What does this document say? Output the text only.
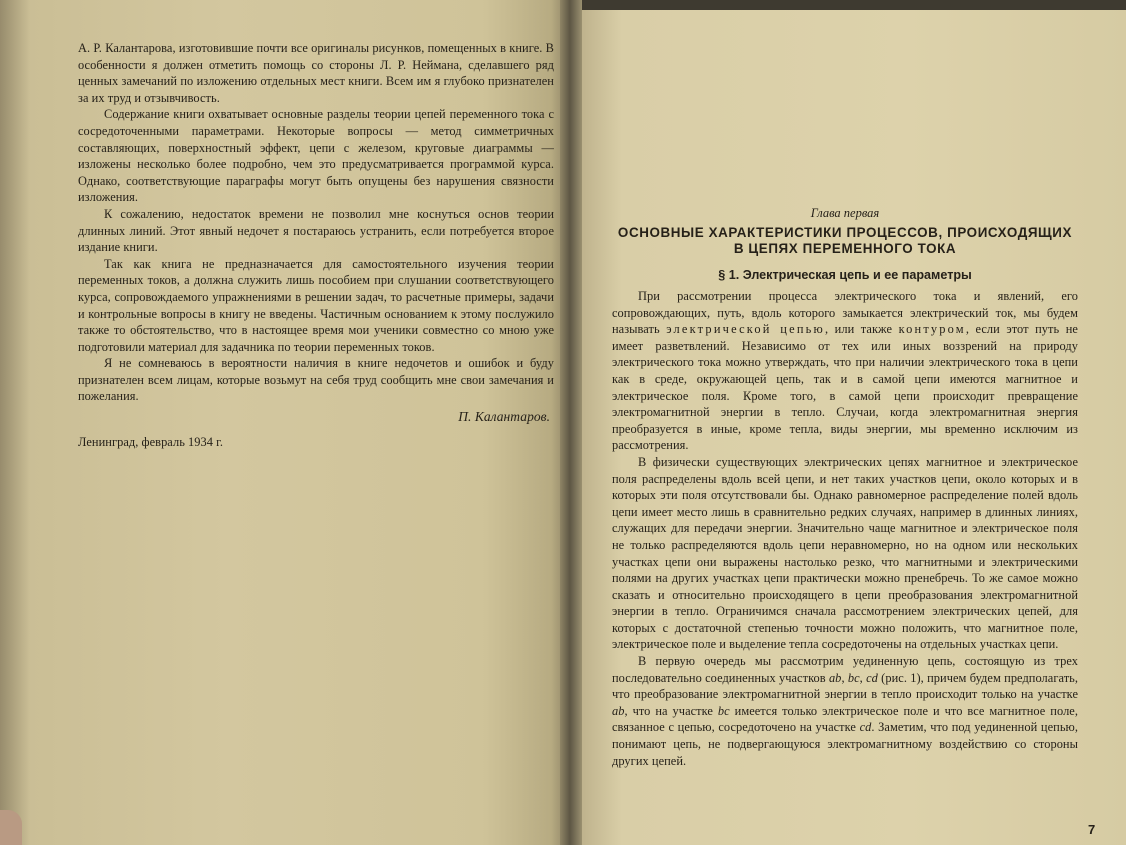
А. Р. Калантарова, изготовившие почти все оригиналы рисунков, помещенных в книге. В особенности я должен отметить помощь со стороны Л. Р. Неймана, сделавшего ряд ценных замечаний по изложению отдельных мест книги. Всем им я глубоко признателен за их труд и отзывчивость.

Содержание книги охватывает основные разделы теории цепей переменного тока с сосредоточенными параметрами. Некоторые вопросы — метод симметричных составляющих, поверхностный эффект, цепи с железом, круговые диаграммы — изложены несколько более подробно, чем это предусматривается программой курса. Однако, соответствующие параграфы могут быть опущены без нарушения связности изложения.

К сожалению, недостаток времени не позволил мне коснуться основ теории длинных линий. Этот явный недочет я постараюсь устранить, если потребуется второе издание книги.

Так как книга не предназначается для самостоятельного изучения теории переменных токов, а должна служить лишь пособием при слушании соответствующего курса, сопровождаемого упражнениями в решении задач, то расчетные примеры, задачи и контрольные вопросы в книгу не введены. Частичным основанием к этому послужило также то обстоятельство, что в настоящее время мои ученики совместно со мною уже подготовили материал для задачника по теории переменных токов.

Я не сомневаюсь в вероятности наличия в книге недочетов и ошибок и буду признателен всем лицам, которые возьмут на себя труд сообщить мне свои замечания и пожелания.

П. Калантаров.

Ленинград, февраль 1934 г.

Глава первая
ОСНОВНЫЕ ХАРАКТЕРИСТИКИ ПРОЦЕССОВ, ПРОИСХОДЯЩИХ
В ЦЕПЯХ ПЕРЕМЕННОГО ТОКА
§ 1. Электрическая цепь и ее параметры

При рассмотрении процесса электрического тока и явлений, его сопровождающих, путь, вдоль которого замыкается электрический ток, мы будем называть электрической цепью, или также контуром, если этот путь не имеет разветвлений. Независимо от тех или иных воззрений на природу электрического тока можно утверждать, что при наличии электрического тока в цепи как в среде, окружающей цепь, так и в самой цепи имеются магнитное и электрическое поля. Кроме того, в самой цепи происходит превращение электромагнитной энергии в тепло. Случаи, когда электромагнитная энергия преобразуется в иные, кроме тепла, виды энергии, мы временно исключим из рассмотрения.

В физически существующих электрических цепях магнитное и электрическое поля распределены вдоль всей цепи, и нет таких участков цепи, около которых и в которых эти поля отсутствовали бы. Однако равномерное распределение полей вдоль цепи имеет место лишь в сравнительно редких случаях, например в длинных линиях, служащих для передачи энергии. Значительно чаще магнитное и электрическое поля не только распределяются вдоль цепи неравномерно, но на одном или нескольких участках цепи они выражены настолько резко, что магнитными и электрическими полями на других участках цепи практически можно пренебречь. То же самое можно сказать и относительно происходящего в цепи преобразования электромагнитной энергии в тепло. Ограничимся сначала рассмотрением электрических цепей, для которых с достаточной степенью точности можно положить, что магнитное поле, электрическое поле и выделение тепла сосредоточены на отдельных участках цепи.

В первую очередь мы рассмотрим уединенную цепь, состоящую из трех последовательно соединенных участков ab, bc, cd (рис. 1), причем будем предполагать, что преобразование электромагнитной энергии в тепло происходит только на участке ab, что на участке bc имеется только электрическое поле и что все магнитное поле, связанное с цепью, сосредоточено на участке cd. Заметим, что под уединенной цепью, понимают цепь, не подвергающуюся электромагнитному воздействию со стороны других цепей.

7
